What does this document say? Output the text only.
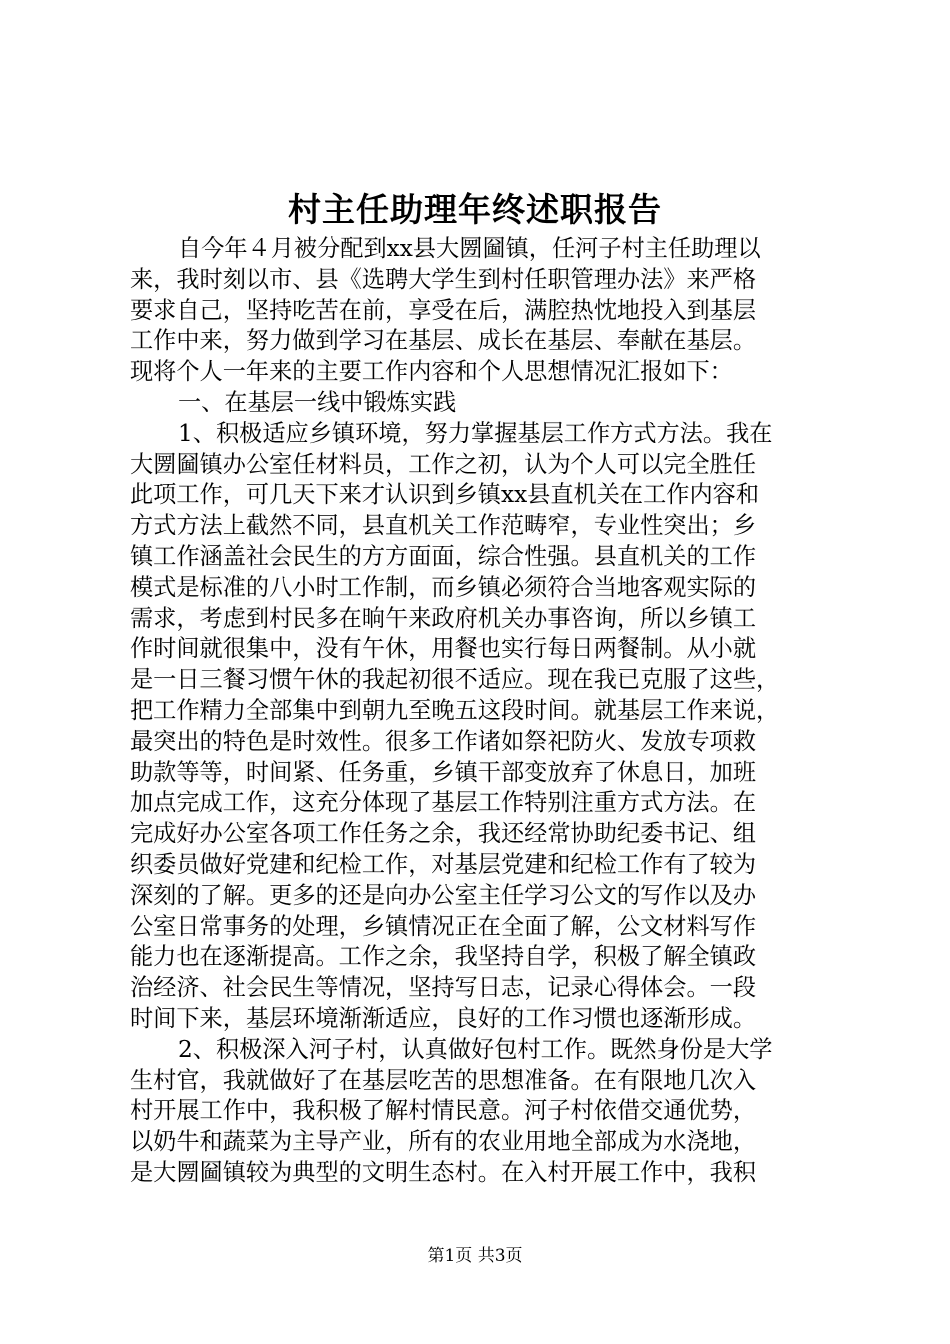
村主任助理年终述职报告
自今年４月被分配到xx县大圐圙镇，任河子村主任助理以
来，我时刻以市、县《选聘大学生到村任职管理办法》来严格
要求自己，坚持吃苦在前，享受在后，满腔热忱地投入到基层
工作中来，努力做到学习在基层、成长在基层、奉献在基层。
现将个人一年来的主要工作内容和个人思想情况汇报如下：
一、在基层一线中锻炼实践
1、积极适应乡镇环境，努力掌握基层工作方式方法。我在
大圐圙镇办公室任材料员，工作之初，认为个人可以完全胜任
此项工作，可几天下来才认识到乡镇xx县直机关在工作内容和
方式方法上截然不同，县直机关工作范畴窄，专业性突出；乡
镇工作涵盖社会民生的方方面面，综合性强。县直机关的工作
模式是标准的八小时工作制，而乡镇必须符合当地客观实际的
需求，考虑到村民多在晌午来政府机关办事咨询，所以乡镇工
作时间就很集中，没有午休，用餐也实行每日两餐制。从小就
是一日三餐习惯午休的我起初很不适应。现在我已克服了这些，
把工作精力全部集中到朝九至晚五这段时间。就基层工作来说，
最突出的特色是时效性。很多工作诸如祭祀防火、发放专项救
助款等等，时间紧、任务重，乡镇干部变放弃了休息日，加班
加点完成工作，这充分体现了基层工作特别注重方式方法。在
完成好办公室各项工作任务之余，我还经常协助纪委书记、组
织委员做好党建和纪检工作，对基层党建和纪检工作有了较为
深刻的了解。更多的还是向办公室主任学习公文的写作以及办
公室日常事务的处理，乡镇情况正在全面了解，公文材料写作
能力也在逐渐提高。工作之余，我坚持自学，积极了解全镇政
治经济、社会民生等情况，坚持写日志，记录心得体会。一段
时间下来，基层环境渐渐适应，良好的工作习惯也逐渐形成。
2、积极深入河子村，认真做好包村工作。既然身份是大学
生村官，我就做好了在基层吃苦的思想准备。在有限地几次入
村开展工作中，我积极了解村情民意。河子村依借交通优势，
以奶牛和蔬菜为主导产业，所有的农业用地全部成为水浇地，
是大圐圙镇较为典型的文明生态村。在入村开展工作中，我积
第1页 共3页
